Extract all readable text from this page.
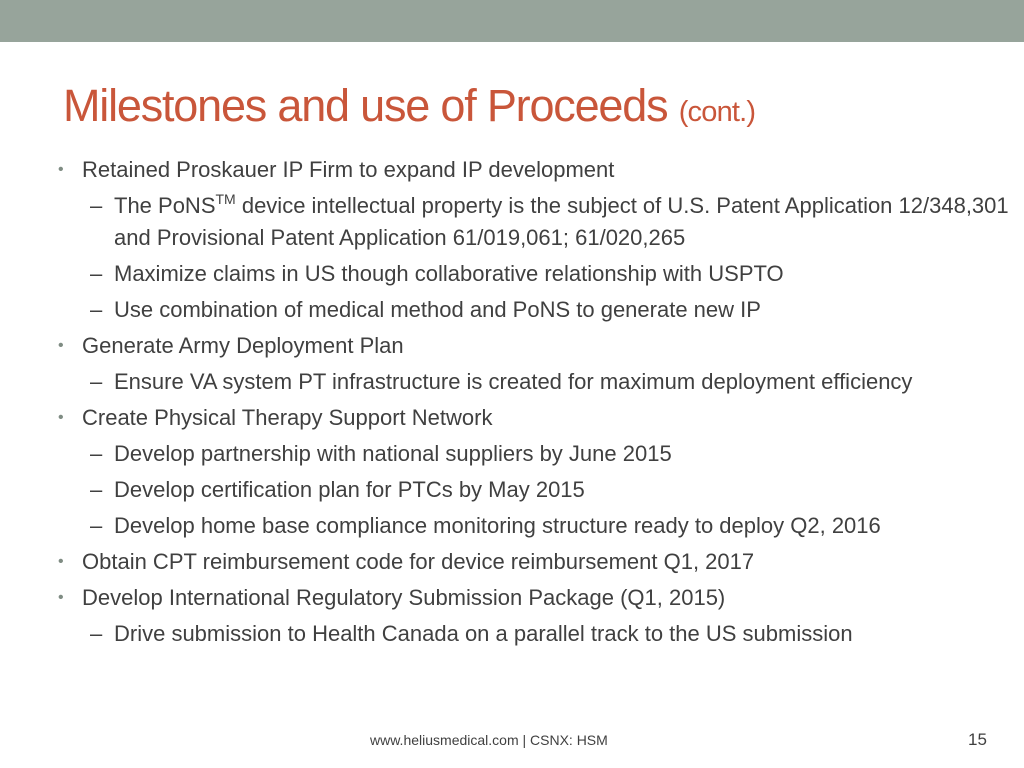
Milestones and use of Proceeds (cont.)
• Retained Proskauer IP Firm to expand IP development
– The PoNS™ device intellectual property is the subject of U.S. Patent Application 12/348,301 and Provisional Patent Application 61/019,061; 61/020,265
– Maximize claims in US though collaborative relationship with USPTO
– Use combination of medical method and PoNS to generate new IP
• Generate Army Deployment Plan
– Ensure VA system PT infrastructure is created for maximum deployment efficiency
• Create Physical Therapy Support Network
– Develop partnership with national suppliers by June 2015
– Develop certification plan for PTCs by May 2015
– Develop home base compliance monitoring structure ready to deploy Q2, 2016
• Obtain CPT reimbursement code for device reimbursement Q1, 2017
• Develop International Regulatory Submission Package (Q1, 2015)
– Drive submission to Health Canada on a parallel track to the US submission
www.heliusmedical.com | CSNX: HSM	15
